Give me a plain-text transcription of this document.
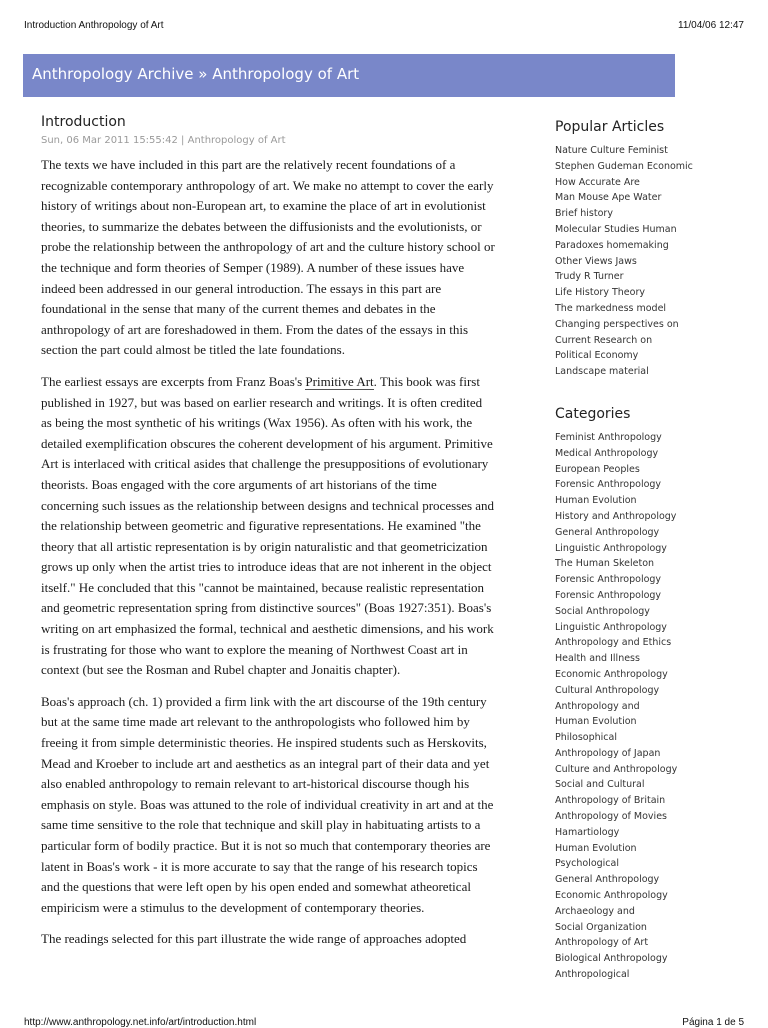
Introduction Anthropology of Art	11/04/06 12:47
Anthropology Archive » Anthropology of Art
Introduction
Sun, 06 Mar 2011 15:55:42 | Anthropology of Art

The texts we have included in this part are the relatively recent foundations of a recognizable contemporary anthropology of art. We make no attempt to cover the early history of writings about non-European art, to examine the place of art in evolutionist theories, to summarize the debates between the diffusionists and the evolutionists, or probe the relationship between the anthropology of art and the culture history school or the technique and form theories of Semper (1989). A number of these issues have indeed been addressed in our general introduction. The essays in this part are foundational in the sense that many of the current themes and debates in the anthropology of art are foreshadowed in them. From the dates of the essays in this section the part could almost be titled the late foundations.

The earliest essays are excerpts from Franz Boas's Primitive Art. This book was first published in 1927, but was based on earlier research and writings. It is often credited as being the most synthetic of his writings (Wax 1956). As often with his work, the detailed exemplification obscures the coherent development of his argument. Primitive Art is interlaced with critical asides that challenge the presuppositions of evolutionary theorists. Boas engaged with the core arguments of art historians of the time concerning such issues as the relationship between designs and technical processes and the relationship between geometric and figurative representations. He examined "the theory that all artistic representation is by origin naturalistic and that geometricization grows up only when the artist tries to introduce ideas that are not inherent in the object itself." He concluded that this "cannot be maintained, because realistic representation and geometric representation spring from distinctive sources" (Boas 1927:351). Boas's writing on art emphasized the formal, technical and aesthetic dimensions, and his work is frustrating for those who want to explore the meaning of Northwest Coast art in context (but see the Rosman and Rubel chapter and Jonaitis chapter).

Boas's approach (ch. 1) provided a firm link with the art discourse of the 19th century but at the same time made art relevant to the anthropologists who followed him by freeing it from simple deterministic theories. He inspired students such as Herskovits, Mead and Kroeber to include art and aesthetics as an integral part of their data and yet also enabled anthropology to remain relevant to art-historical discourse though his emphasis on style. Boas was attuned to the role of individual creativity in art and at the same time sensitive to the role that technique and skill play in habituating artists to a particular form of bodily practice. But it is not so much that contemporary theories are latent in Boas's work - it is more accurate to say that the range of his research topics and the questions that were left open by his open ended and somewhat atheoretical empiricism were a stimulus to the development of contemporary theories.

The readings selected for this part illustrate the wide range of approaches adopted

Popular Articles
Nature Culture Feminist
Stephen Gudeman Economic
How Accurate Are
Man Mouse Ape Water
Brief history
Molecular Studies Human
Paradoxes homemaking
Other Views Jaws
Trudy R Turner
Life History Theory
The markedness model
Changing perspectives on
Current Research on
Political Economy
Landscape material
Categories
Feminist Anthropology
Medical Anthropology
European Peoples
Forensic Anthropology
Human Evolution
History and Anthropology
General Anthropology
Linguistic Anthropology
The Human Skeleton
Forensic Anthropology
Forensic Anthropology
Social Anthropology
Linguistic Anthropology
Anthropology and Ethics
Health and Illness
Economic Anthropology
Cultural Anthropology
Anthropology and
Human Evolution
Philosophical
Anthropology of Japan
Culture and Anthropology
Social and Cultural
Anthropology of Britain
Anthropology of Movies
Hamartiology
Human Evolution
Psychological
General Anthropology
Economic Anthropology
Archaeology and
Social Organization
Anthropology of Art
Biological Anthropology
Anthropological
http://www.anthropology.net.info/art/introduction.html	Página 1 de 5
